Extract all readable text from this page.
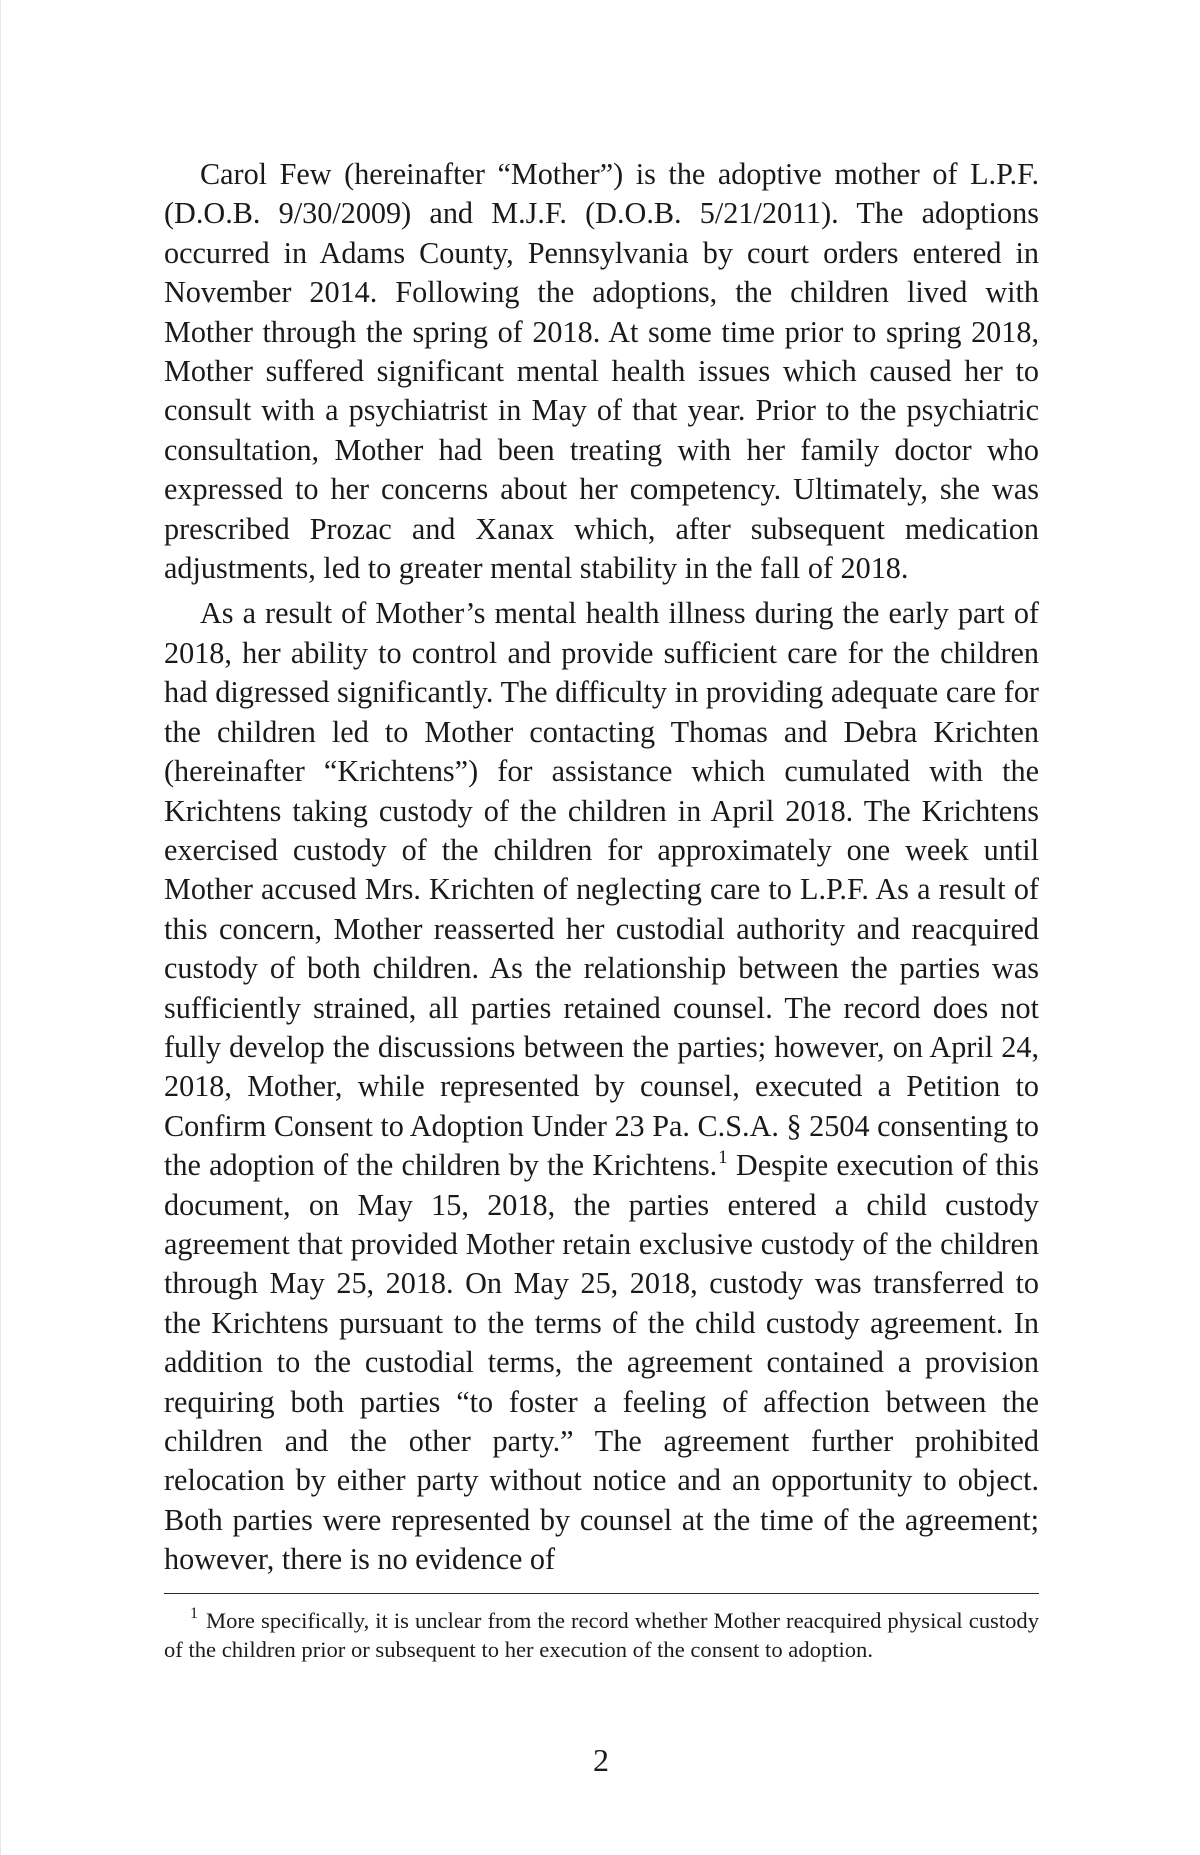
Carol Few (hereinafter “Mother”) is the adoptive mother of L.P.F. (D.O.B. 9/30/2009) and M.J.F. (D.O.B. 5/21/2011). The adoptions occurred in Adams County, Pennsylvania by court orders entered in November 2014. Following the adoptions, the children lived with Mother through the spring of 2018. At some time prior to spring 2018, Mother suffered significant mental health issues which caused her to consult with a psychiatrist in May of that year. Prior to the psychiatric consultation, Mother had been treating with her family doctor who expressed to her concerns about her competency. Ultimately, she was prescribed Prozac and Xanax which, after subsequent medication adjustments, led to greater mental stability in the fall of 2018.

As a result of Mother’s mental health illness during the early part of 2018, her ability to control and provide sufficient care for the children had digressed significantly. The difficulty in providing adequate care for the children led to Mother contacting Thomas and Debra Krichten (hereinafter “Krichtens”) for assistance which cumulated with the Krichtens taking custody of the children in April 2018. The Krichtens exercised custody of the children for approximately one week until Mother accused Mrs. Krichten of neglecting care to L.P.F. As a result of this concern, Mother reasserted her custodial authority and reacquired custody of both children. As the relationship between the parties was sufficiently strained, all parties retained counsel. The record does not fully develop the discussions between the parties; however, on April 24, 2018, Mother, while represented by counsel, executed a Petition to Confirm Consent to Adoption Under 23 Pa. C.S.A. § 2504 consenting to the adoption of the children by the Krichtens.$^1$ Despite execution of this document, on May 15, 2018, the parties entered a child custody agreement that provided Mother retain exclusive custody of the children through May 25, 2018. On May 25, 2018, custody was transferred to the Krichtens pursuant to the terms of the child custody agreement. In addition to the custodial terms, the agreement contained a provision requiring both parties “to foster a feeling of affection between the children and the other party.” The agreement further prohibited relocation by either party without notice and an opportunity to object. Both parties were represented by counsel at the time of the agreement; however, there is no evidence of

$^1$ More specifically, it is unclear from the record whether Mother reacquired physical custody of the children prior or subsequent to her execution of the consent to adoption.

2
